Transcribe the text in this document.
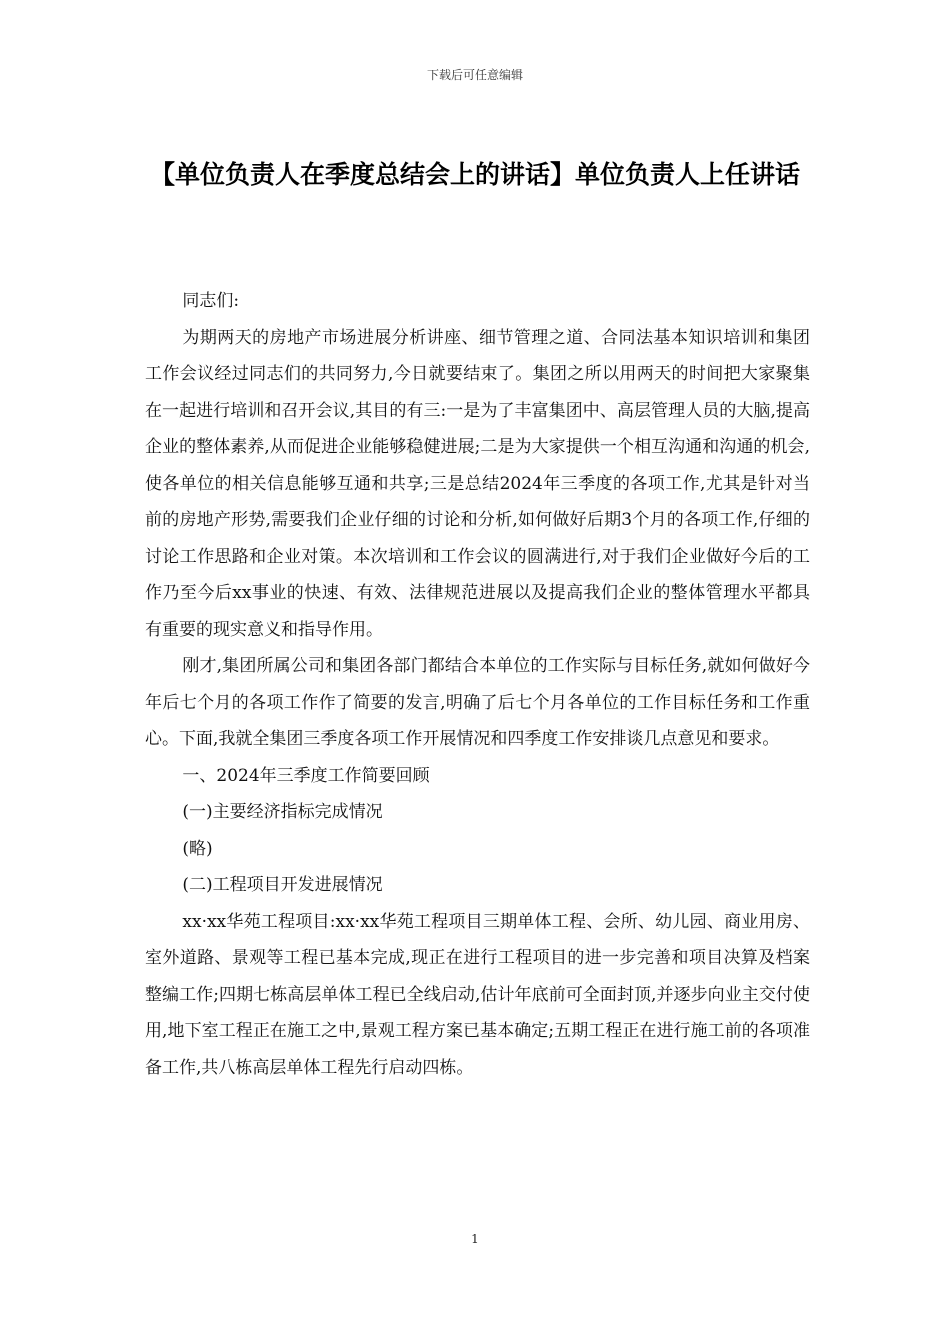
下载后可任意编辑
【单位负责人在季度总结会上的讲话】单位负责人上任讲话

同志们:

为期两天的房地产市场进展分析讲座、细节管理之道、合同法基本知识培训和集团工作会议经过同志们的共同努力,今日就要结束了。集团之所以用两天的时间把大家聚集在一起进行培训和召开会议,其目的有三:一是为了丰富集团中、高层管理人员的大脑,提高企业的整体素养,从而促进企业能够稳健进展;二是为大家提供一个相互沟通和沟通的机会,使各单位的相关信息能够互通和共享;三是总结2024年三季度的各项工作,尤其是针对当前的房地产形势,需要我们企业仔细的讨论和分析,如何做好后期3个月的各项工作,仔细的讨论工作思路和企业对策。本次培训和工作会议的圆满进行,对于我们企业做好今后的工作乃至今后xx事业的快速、有效、法律规范进展以及提高我们企业的整体管理水平都具有重要的现实意义和指导作用。

刚才,集团所属公司和集团各部门都结合本单位的工作实际与目标任务,就如何做好今年后七个月的各项工作作了简要的发言,明确了后七个月各单位的工作目标任务和工作重心。下面,我就全集团三季度各项工作开展情况和四季度工作安排谈几点意见和要求。

一、2024年三季度工作简要回顾

(一)主要经济指标完成情况

(略)

(二)工程项目开发进展情况

xx·xx华苑工程项目:xx·xx华苑工程项目三期单体工程、会所、幼儿园、商业用房、室外道路、景观等工程已基本完成,现正在进行工程项目的进一步完善和项目决算及档案整编工作;四期七栋高层单体工程已全线启动,估计年底前可全面封顶,并逐步向业主交付使用,地下室工程正在施工之中,景观工程方案已基本确定;五期工程正在进行施工前的各项准备工作,共八栋高层单体工程先行启动四栋。

1
